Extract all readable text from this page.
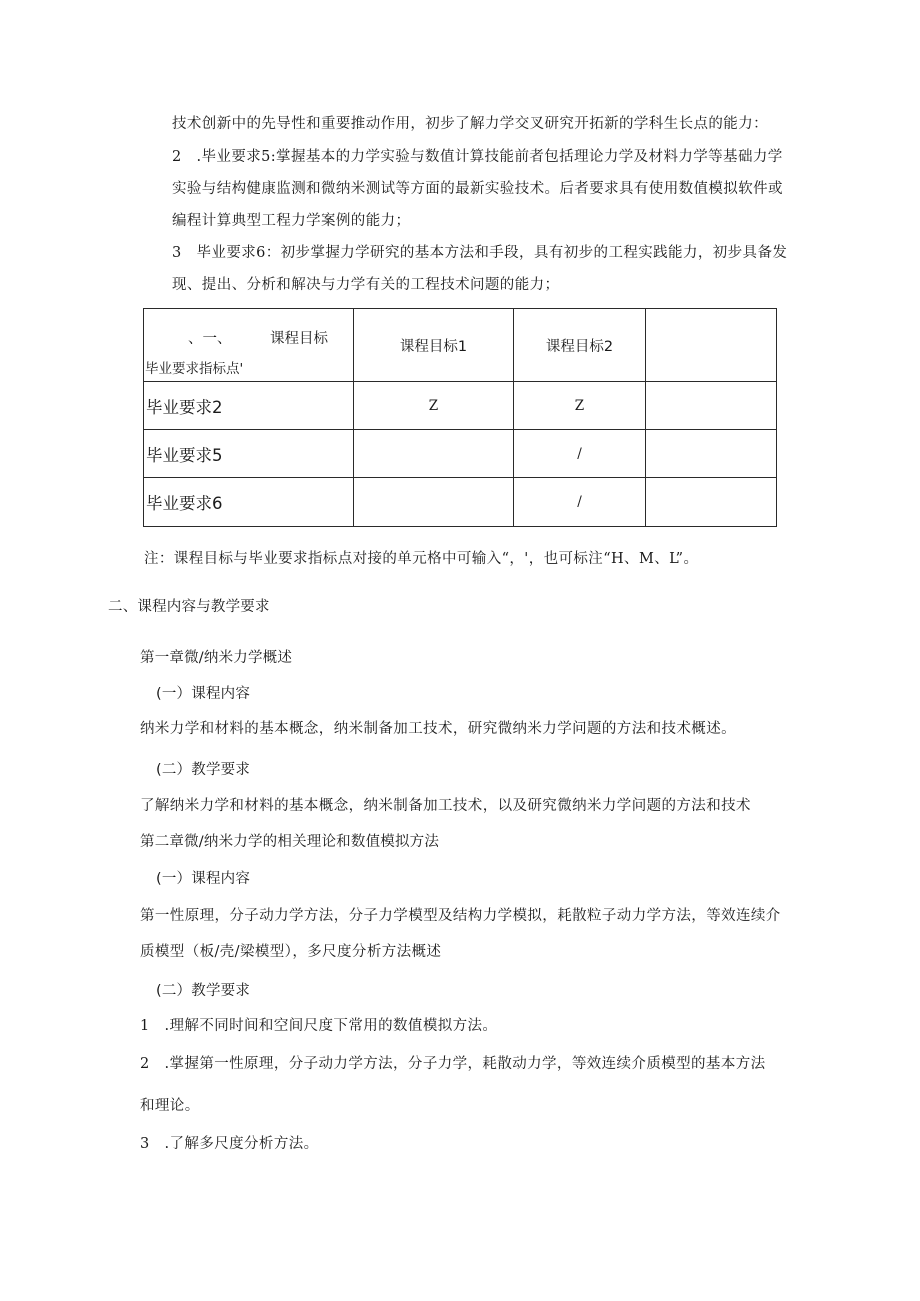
技术创新中的先导性和重要推动作用，初步了解力学交叉研究开拓新的学科生长点的能力：
2　.毕业要求5:掌握基本的力学实验与数值计算技能前者包括理论力学及材料力学等基础力学
实验与结构健康监测和微纳米测试等方面的最新实验技术。后者要求具有使用数值模拟软件或
编程计算典型工程力学案例的能力；
3　毕业要求6：初步掌握力学研究的基本方法和手段，具有初步的工程实践能力，初步具备发
现、提出、分析和解决与力学有关的工程技术问题的能力；
、一、 课程目标
毕业要求指标点'	课程目标1	课程目标2	
毕业要求2	Z	Z	
毕业要求5		/	
毕业要求6		/	
注：课程目标与毕业要求指标点对接的单元格中可输入“，'，也可标注“H、M、L”。
二、课程内容与教学要求
第一章微/纳米力学概述
(一）课程内容
纳米力学和材料的基本概念，纳米制备加工技术，研究微纳米力学问题的方法和技术概述。
(二）教学要求
了解纳米力学和材料的基本概念，纳米制备加工技术，以及研究微纳米力学问题的方法和技术
第二章微/纳米力学的相关理论和数值模拟方法
(一）课程内容
第一性原理，分子动力学方法，分子力学模型及结构力学模拟，耗散粒子动力学方法，等效连续介
质模型（板/壳/梁模型），多尺度分析方法概述
(二）教学要求
1　.理解不同时间和空间尺度下常用的数值模拟方法。
2　.掌握第一性原理，分子动力学方法，分子力学，耗散动力学，等效连续介质模型的基本方法
和理论。
3　.了解多尺度分析方法。
